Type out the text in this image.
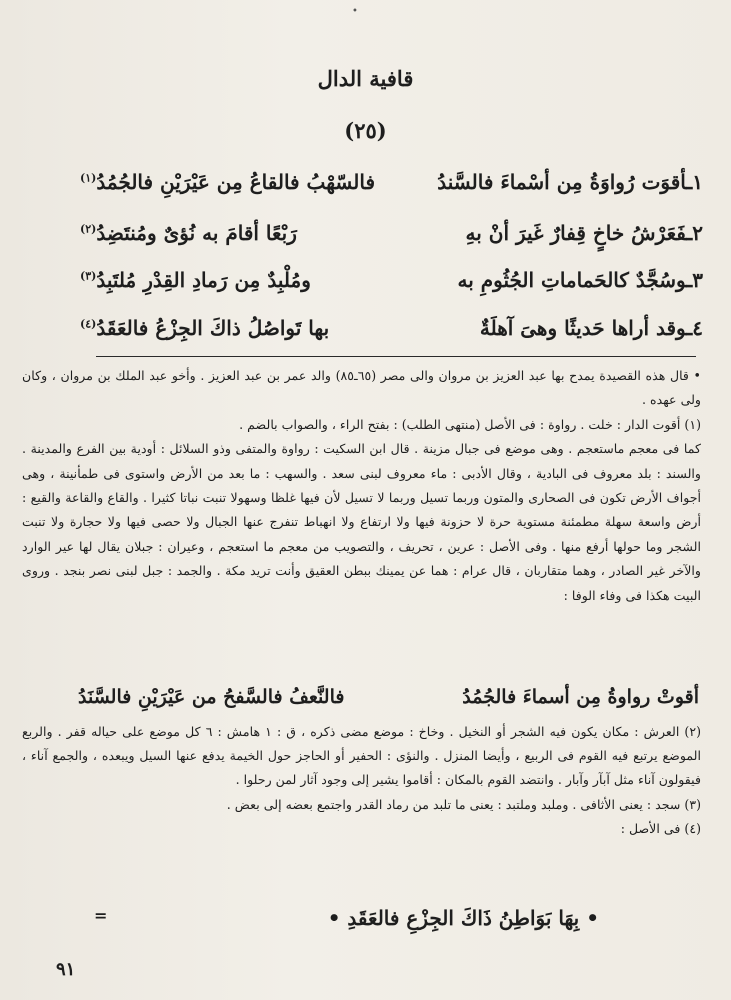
•
قافية الدال
(٢٥)
١ـأقوَت رُواوَةُ مِن أسْماءَ فالسَّندُ
فالسّهْبُ فالقاعُ مِن عَيْرَيْنِ فالجُمُدُ$^{(١)}$
٢ـفَعَرْشُ خاخٍ قِفارٌ غَيرَ أنْ بهِ
رَبْعًا أقامَ به نُؤىٌ ومُنتَضِدُ$^{(٢)}$
٣ـوسُجَّدٌ كالحَماماتِ الجُثُومِ به
ومُلْبِدٌ مِن رَمادِ القِدْرِ مُلتَبِدُ$^{(٣)}$
٤ـوقد أراها حَديثًا وهىَ آهلَةٌ
بها تَواصُلُ ذاكَ الجِزْعُ فالعَقَدُ$^{(٤)}$

• قال هذه القصيدة يمدح بها عبد العزيز بن مروان والى مصر (٦٥ـ٨٥) والد عمر بن عبد العزيز . وأخو عبد الملك بن مروان ، وكان ولى عهده .

(١) أقوت الدار : خلت . رواوة : فى الأصل (منتهى الطلب) : بفتح الراء ، والصواب بالضم .

كما فى معجم ماستعجم . وهى موضع فى جبال مزينة . قال ابن السكيت : رواوة والمتفى وذو السلائل : أودية بين الفرع والمدينة . والسند : بلد معروف فى البادية ، وقال الأدبى : ماء معروف لبنى سعد . والسهب : ما بعد من الأرض واستوى فى طمأنينة ، وهى أجواف الأرض تكون فى الصحارى والمتون وربما تسيل وربما لا تسيل لأن فيها غلظا وسهولا تنبت نباتا كثيرا . والقاع والقاعة والقيع : أرض واسعة سهلة مطمئنة مستوية حرة لا حزونة فيها ولا ارتفاع ولا انهباط تنفرج عنها الجبال ولا حصى فيها ولا حجارة ولا تنبت الشجر وما حولها أرفع منها . وفى الأصل : عرين ، تحريف ، والتصويب من معجم ما استعجم ، وعيران : جبلان يقال لها عير الوارد والآخر غير الصادر ، وهما متقاربان ، قال عرام : هما عن يمينك ببطن العقيق وأنت تريد مكة . والجمد : جبل لبنى نصر بنجد . وروى البيت هكذا فى وفاء الوفا :

أقوتْ رواوةُ مِن أسماءَ فالجُمُدُ
فالنَّعفُ فالسَّفحُ من عَيْرَيْنِ فالسَّنَدُ

(٢) العرش : مكان يكون فيه الشجر أو النخيل . وخاخ : موضع مضى ذكره ، ق : ١ هامش : ٦ كل موضع على حياله قفر . والربع الموضع يرتبع فيه القوم فى الربيع ، وأيضا المنزل . والنؤى : الحفير أو الحاجز حول الخيمة يدفع عنها السيل ويبعده ، والجمع آناء ، فيقولون آناء مثل آبآر وآبار . وانتضد القوم بالمكان : أقاموا يشير إلى وجود آثار لمن رحلوا .

(٣) سجد : يعنى الأثافى . وملبد وملتبد : يعنى ما تلبد من رماد القدر واجتمع بعضه إلى بعض .

(٤) فى الأصل :

• بِهَا بَوَاطِنُ ذَاكَ الجِزْعِ فالعَقَدِ •
=
٩١
